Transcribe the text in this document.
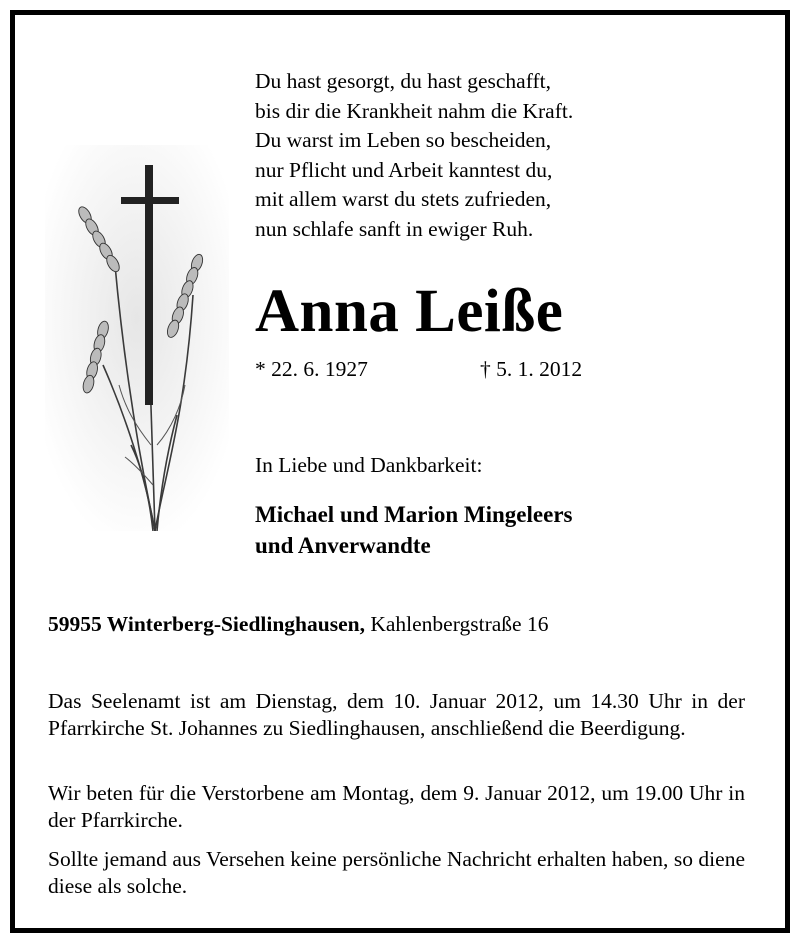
Du hast gesorgt, du hast geschafft,
bis dir die Krankheit nahm die Kraft.
Du warst im Leben so bescheiden,
nur Pflicht und Arbeit kanntest du,
mit allem warst du stets zufrieden,
nun schlafe sanft in ewiger Ruh.
Anna Leiße
* 22. 6. 1927	† 5. 1. 2012
In Liebe und Dankbarkeit:
Michael und Marion Mingeleers
und Anverwandte
59955 Winterberg-Siedlinghausen, Kahlenbergstraße 16
Das Seelenamt ist am Dienstag, dem 10. Januar 2012, um 14.30 Uhr in der Pfarrkirche St. Johannes zu Siedlinghausen, anschließend die Beerdigung.
Wir beten für die Verstorbene am Montag, dem 9. Januar 2012, um 19.00 Uhr in der Pfarrkirche.
Sollte jemand aus Versehen keine persönliche Nachricht erhalten haben, so diene diese als solche.
